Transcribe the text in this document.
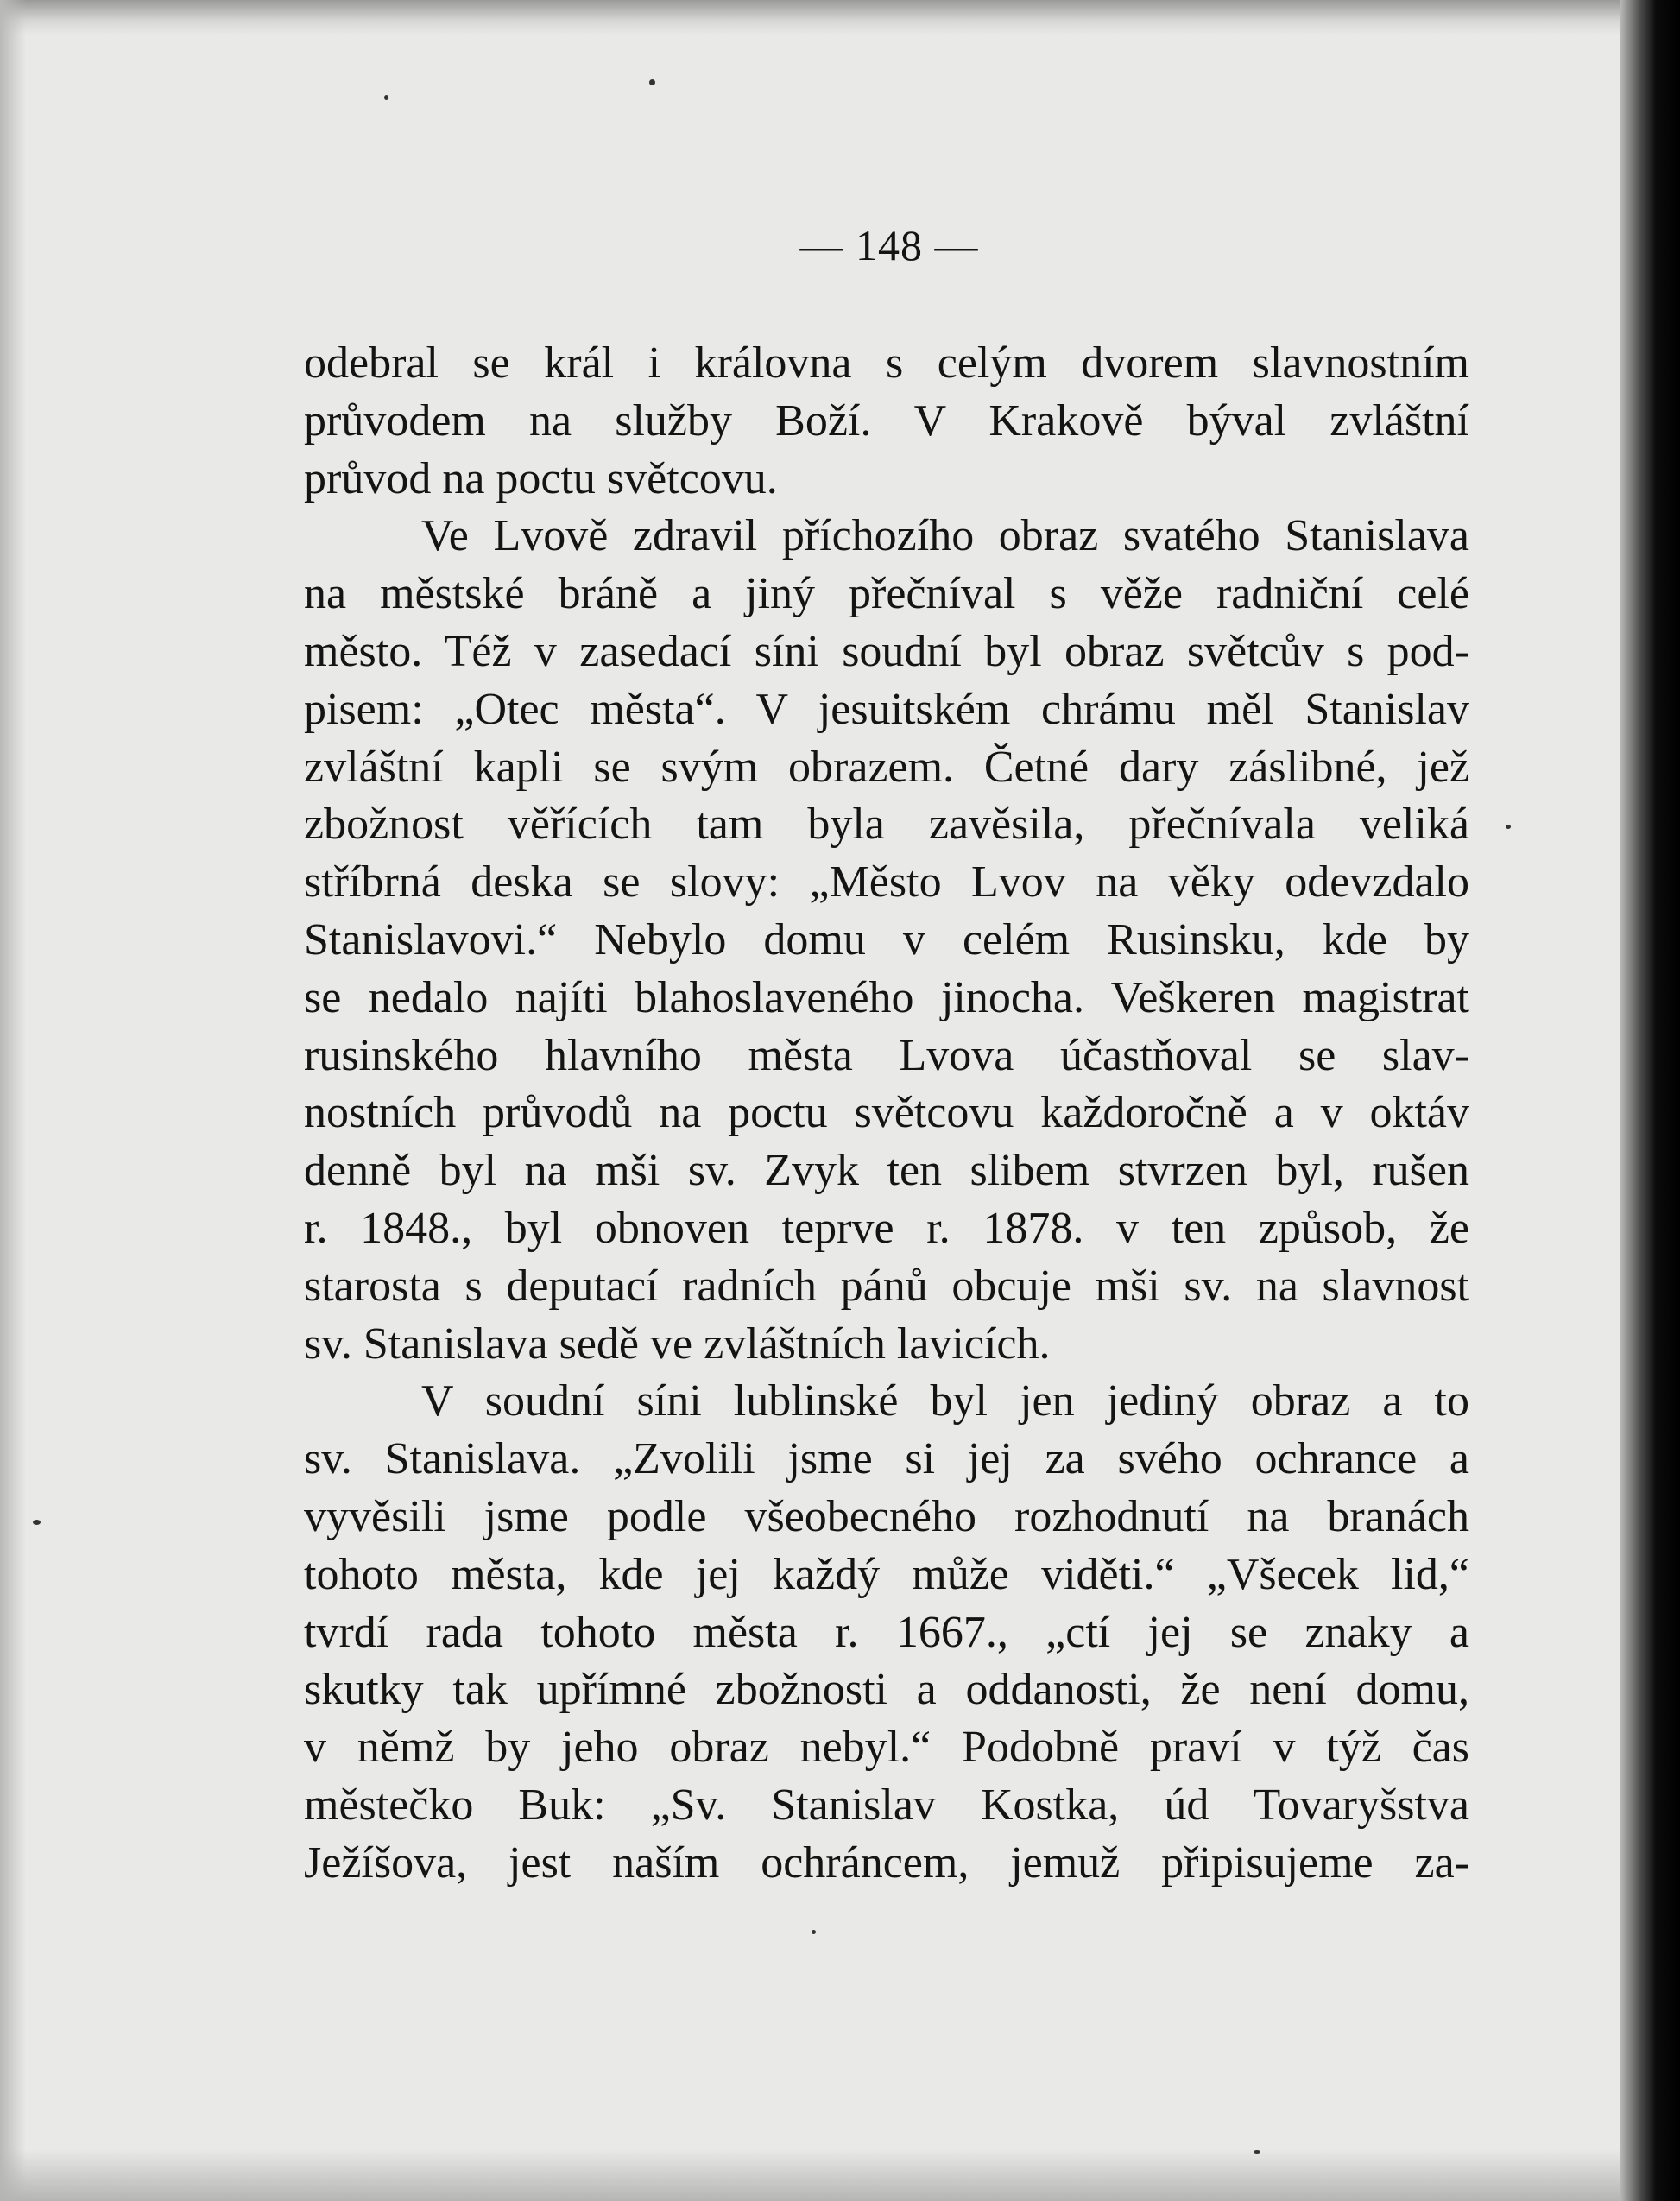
— 148 —
odebral se král i královna s celým dvorem slavnostním
průvodem na služby Boží. V Krakově býval zvláštní
průvod na poctu světcovu.
Ve Lvově zdravil příchozího obraz svatého Stanislava
na městské bráně a jiný přečníval s věže radniční celé
město. Též v zasedací síni soudní byl obraz světcův s pod-
pisem: „Otec města“. V jesuitském chrámu měl Stanislav
zvláštní kapli se svým obrazem. Četné dary záslibné, jež
zbožnost věřících tam byla zavěsila, přečnívala veliká
stříbrná deska se slovy: „Město Lvov na věky odevzdalo
Stanislavovi.“ Nebylo domu v celém Rusinsku, kde by
se nedalo najíti blahoslaveného jinocha. Veškeren magistrat
rusinského hlavního města Lvova účastňoval se slav-
nostních průvodů na poctu světcovu každoročně a v oktáv
denně byl na mši sv. Zvyk ten slibem stvrzen byl, rušen
r. 1848., byl obnoven teprve r. 1878. v ten způsob, že
starosta s deputací radních pánů obcuje mši sv. na slavnost
sv. Stanislava sedě ve zvláštních lavicích.
V soudní síni lublinské byl jen jediný obraz a to
sv. Stanislava. „Zvolili jsme si jej za svého ochrance a
vyvěsili jsme podle všeobecného rozhodnutí na branách
tohoto města, kde jej každý může viděti.“ „Všecek lid,“
tvrdí rada tohoto města r. 1667., „ctí jej se znaky a
skutky tak upřímné zbožnosti a oddanosti, že není domu,
v němž by jeho obraz nebyl.“ Podobně praví v týž čas
městečko Buk: „Sv. Stanislav Kostka, úd Tovaryšstva
Ježíšova, jest naším ochráncem, jemuž připisujeme za-
